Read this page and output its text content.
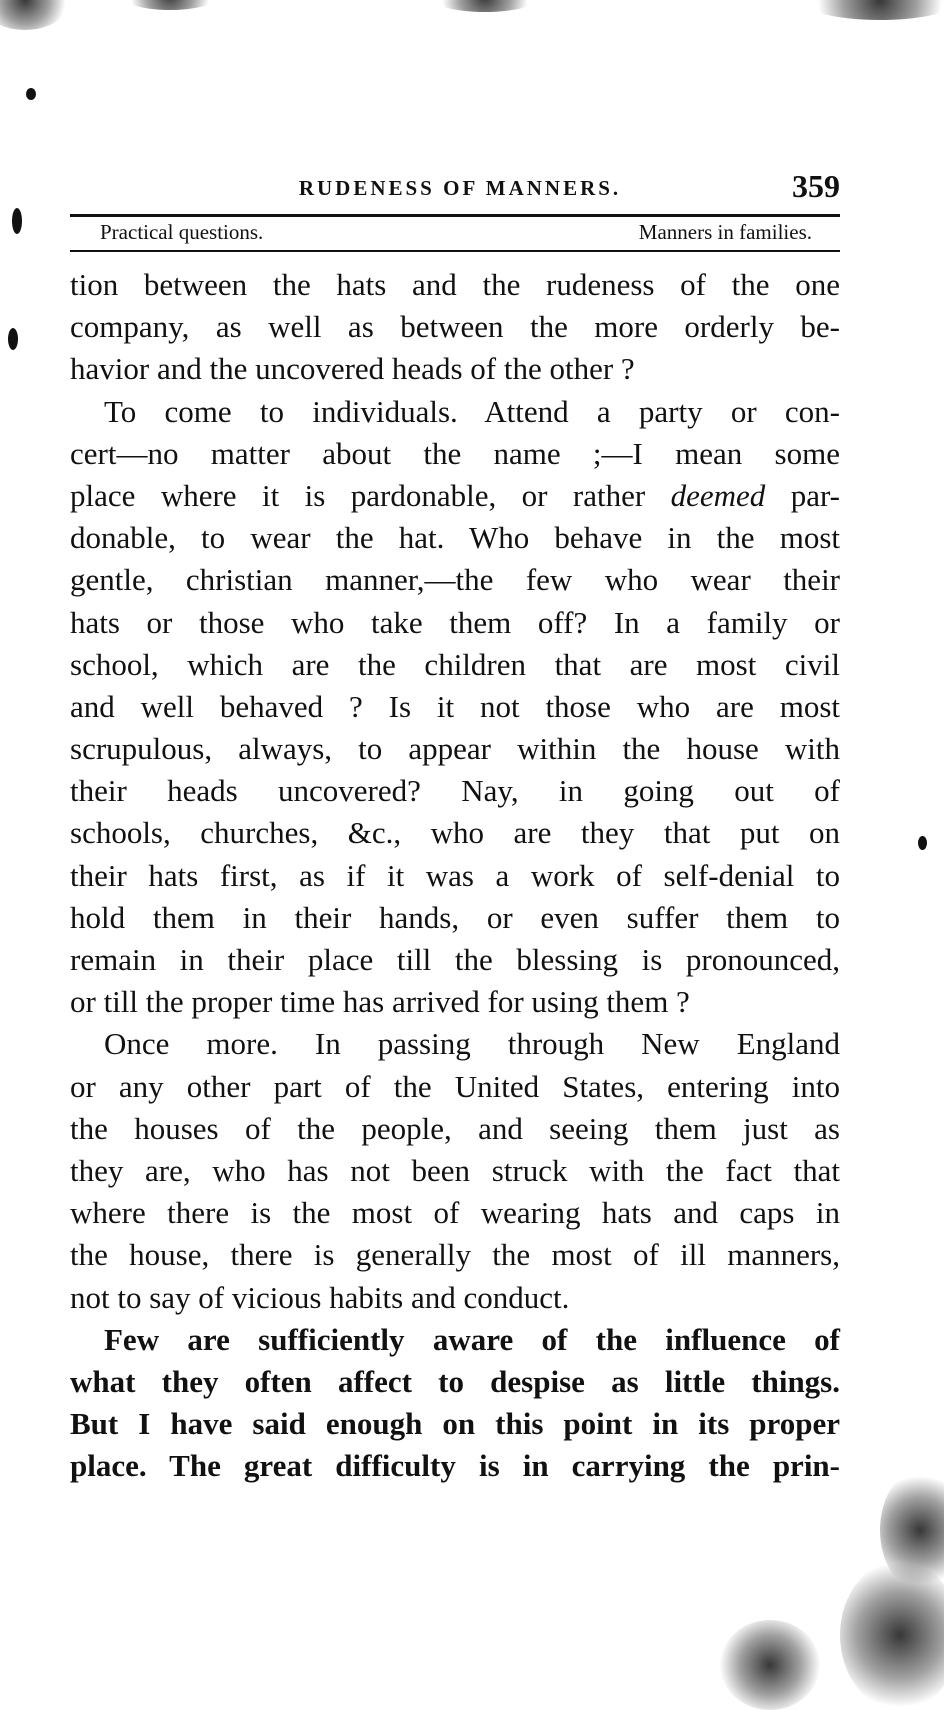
RUDENESS OF MANNERS.	359
Practical questions.	Manners in families.
tion between the hats and the rudeness of the one
company, as well as between the more orderly be-
havior and the uncovered heads of the other ?
To come to individuals. Attend a party or con-
cert—no matter about the name ;—I mean some
place where it is pardonable, or rather deemed par-
donable, to wear the hat. Who behave in the most
gentle, christian manner,—the few who wear their
hats or those who take them off? In a family or
school, which are the children that are most civil
and well behaved ? Is it not those who are most
scrupulous, always, to appear within the house with
their heads uncovered? Nay, in going out of
schools, churches, &c., who are they that put on
their hats first, as if it was a work of self-denial to
hold them in their hands, or even suffer them to
remain in their place till the blessing is pronounced,
or till the proper time has arrived for using them ?
Once more. In passing through New England
or any other part of the United States, entering into
the houses of the people, and seeing them just as
they are, who has not been struck with the fact that
where there is the most of wearing hats and caps in
the house, there is generally the most of ill manners,
not to say of vicious habits and conduct.
Few are sufficiently aware of the influence of
what they often affect to despise as little things.
But I have said enough on this point in its proper
place. The great difficulty is in carrying the prin-
